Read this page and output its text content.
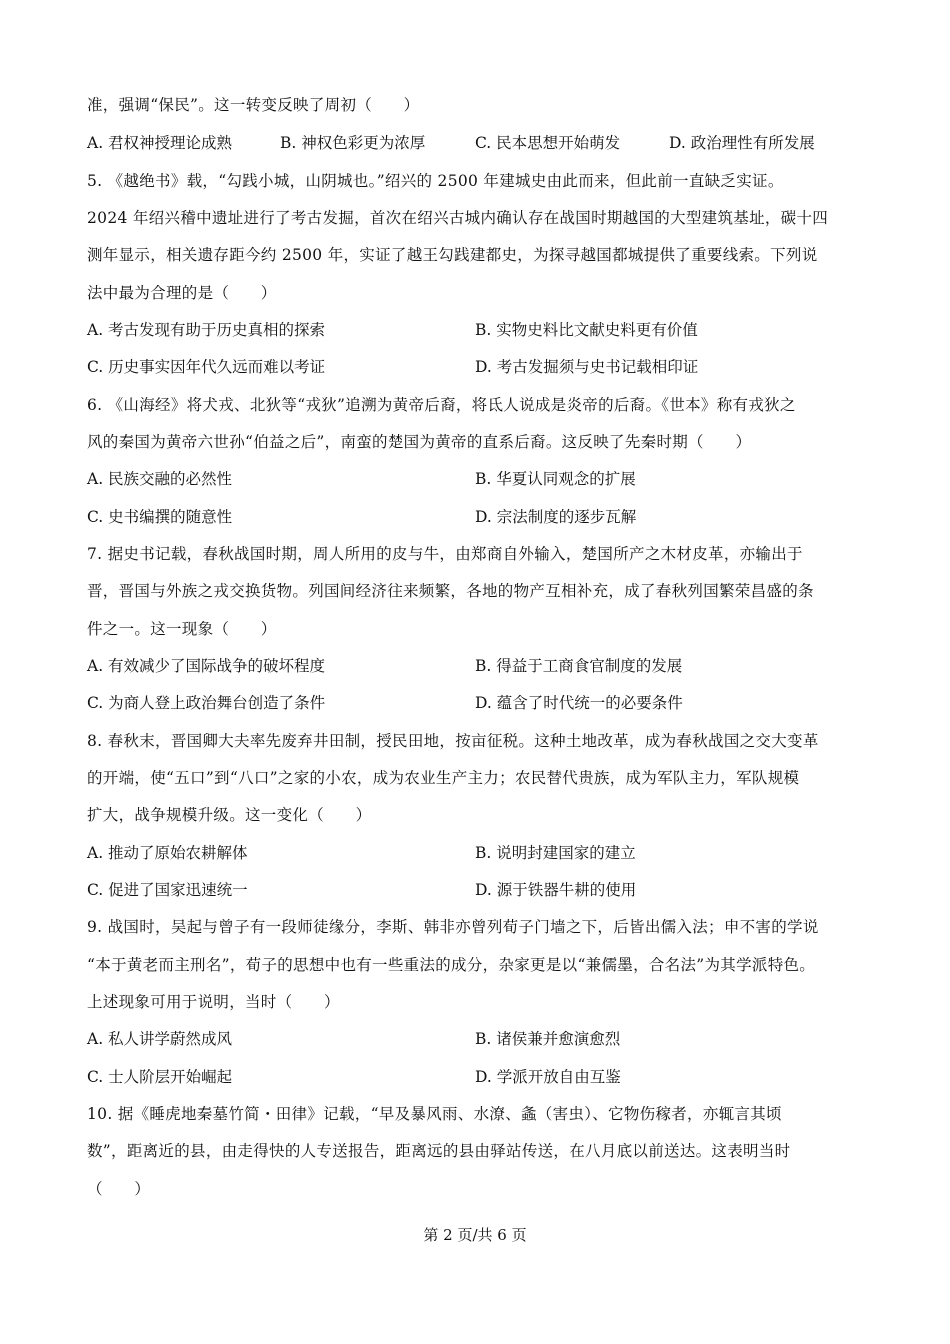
准，强调“保民”。这一转变反映了周初（　　）
A. 君权神授理论成熟	B. 神权色彩更为浓厚	C. 民本思想开始萌发	D. 政治理性有所发展
5. 《越绝书》载，“勾践小城，山阴城也。”绍兴的 2500 年建城史由此而来，但此前一直缺乏实证。
2024 年绍兴稽中遗址进行了考古发掘，首次在绍兴古城内确认存在战国时期越国的大型建筑基址，碳十四
测年显示，相关遗存距今约 2500 年，实证了越王勾践建都史，为探寻越国都城提供了重要线索。下列说
法中最为合理的是（　　）
A. 考古发现有助于历史真相的探索	B. 实物史料比文献史料更有价值
C. 历史事实因年代久远而难以考证	D. 考古发掘须与史书记载相印证
6. 《山海经》将犬戎、北狄等“戎狄”追溯为黄帝后裔，将氐人说成是炎帝的后裔。《世本》称有戎狄之
风的秦国为黄帝六世孙“伯益之后”，南蛮的楚国为黄帝的直系后裔。这反映了先秦时期（　　）
A. 民族交融的必然性	B. 华夏认同观念的扩展
C. 史书编撰的随意性	D. 宗法制度的逐步瓦解
7. 据史书记载，春秋战国时期，周人所用的皮与牛，由郑商自外输入，楚国所产之木材皮革，亦输出于
晋，晋国与外族之戎交换货物。列国间经济往来频繁，各地的物产互相补充，成了春秋列国繁荣昌盛的条
件之一。这一现象（　　）
A. 有效减少了国际战争的破坏程度	B. 得益于工商食官制度的发展
C. 为商人登上政治舞台创造了条件	D. 蕴含了时代统一的必要条件
8. 春秋末，晋国卿大夫率先废弃井田制，授民田地，按亩征税。这种土地改革，成为春秋战国之交大变革
的开端，使“五口”到“八口”之家的小农，成为农业生产主力；农民替代贵族，成为军队主力，军队规模
扩大，战争规模升级。这一变化（　　）
A. 推动了原始农耕解体	B. 说明封建国家的建立
C. 促进了国家迅速统一	D. 源于铁器牛耕的使用
9. 战国时，吴起与曾子有一段师徒缘分，李斯、韩非亦曾列荀子门墙之下，后皆出儒入法；申不害的学说
“本于黄老而主刑名”，荀子的思想中也有一些重法的成分，杂家更是以“兼儒墨，合名法”为其学派特色。
上述现象可用于说明，当时（　　）
A. 私人讲学蔚然成风	B. 诸侯兼并愈演愈烈
C. 士人阶层开始崛起	D. 学派开放自由互鉴
10. 据《睡虎地秦墓竹简・田律》记载，“早及暴风雨、水潦、螽（害虫）、它物伤稼者，亦辄言其顷
数”，距离近的县，由走得快的人专送报告，距离远的县由驿站传送，在八月底以前送达。这表明当时
（　　）
第 2 页/共 6 页
